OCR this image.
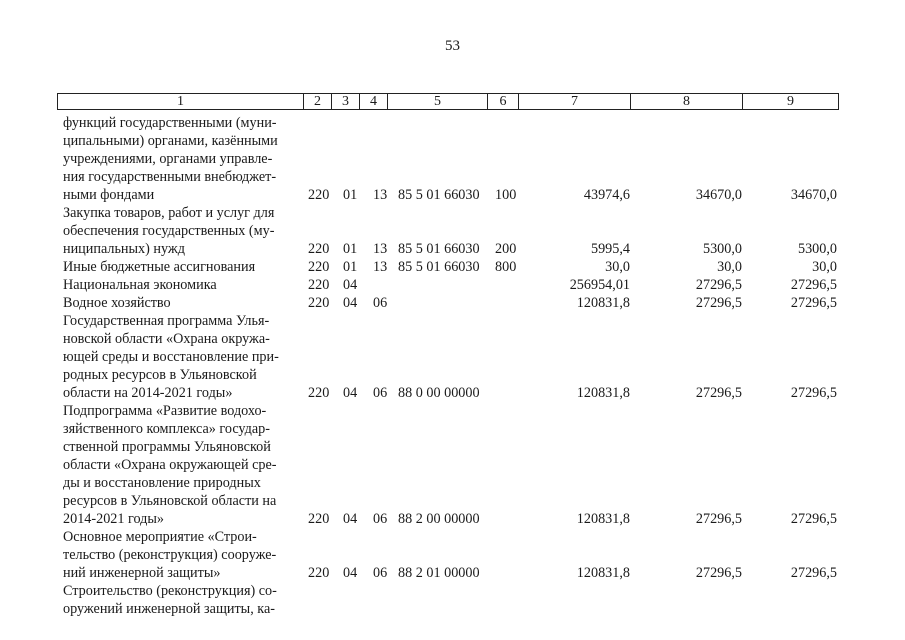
53
1	2	3	4	5	6	7	8	9
функций государственными (муни-
ципальными) органами, казёнными
учреждениями, органами управле-
ния государственными внебюджет-
ными фондами	220 01 13 85 5 01 66030 100	43974,6	34670,0	34670,0
Закупка товаров, работ и услуг для
обеспечения государственных (му-
ниципальных) нужд	220 01 13 85 5 01 66030 200	5995,4	5300,0	5300,0
Иные бюджетные ассигнования	220 01 13 85 5 01 66030 800	30,0	30,0	30,0
Национальная экономика	220 04	256954,01	27296,5	27296,5
Водное хозяйство	220 04 06	120831,8	27296,5	27296,5
Государственная программа Улья-
новской области «Охрана окружа-
ющей среды и восстановление при-
родных ресурсов в Ульяновской
области на 2014-2021 годы»	220 04 06 88 0 00 00000	120831,8	27296,5	27296,5
Подпрограмма «Развитие водохо-
зяйственного комплекса» государ-
ственной программы Ульяновской
области «Охрана окружающей сре-
ды и восстановление природных
ресурсов в Ульяновской области на
2014-2021 годы»	220 04 06 88 2 00 00000	120831,8	27296,5	27296,5
Основное мероприятие «Строи-
тельство (реконструкция) сооруже-
ний инженерной защиты»	220 04 06 88 2 01 00000	120831,8	27296,5	27296,5
Строительство (реконструкция) со-
оружений инженерной защиты, ка-
